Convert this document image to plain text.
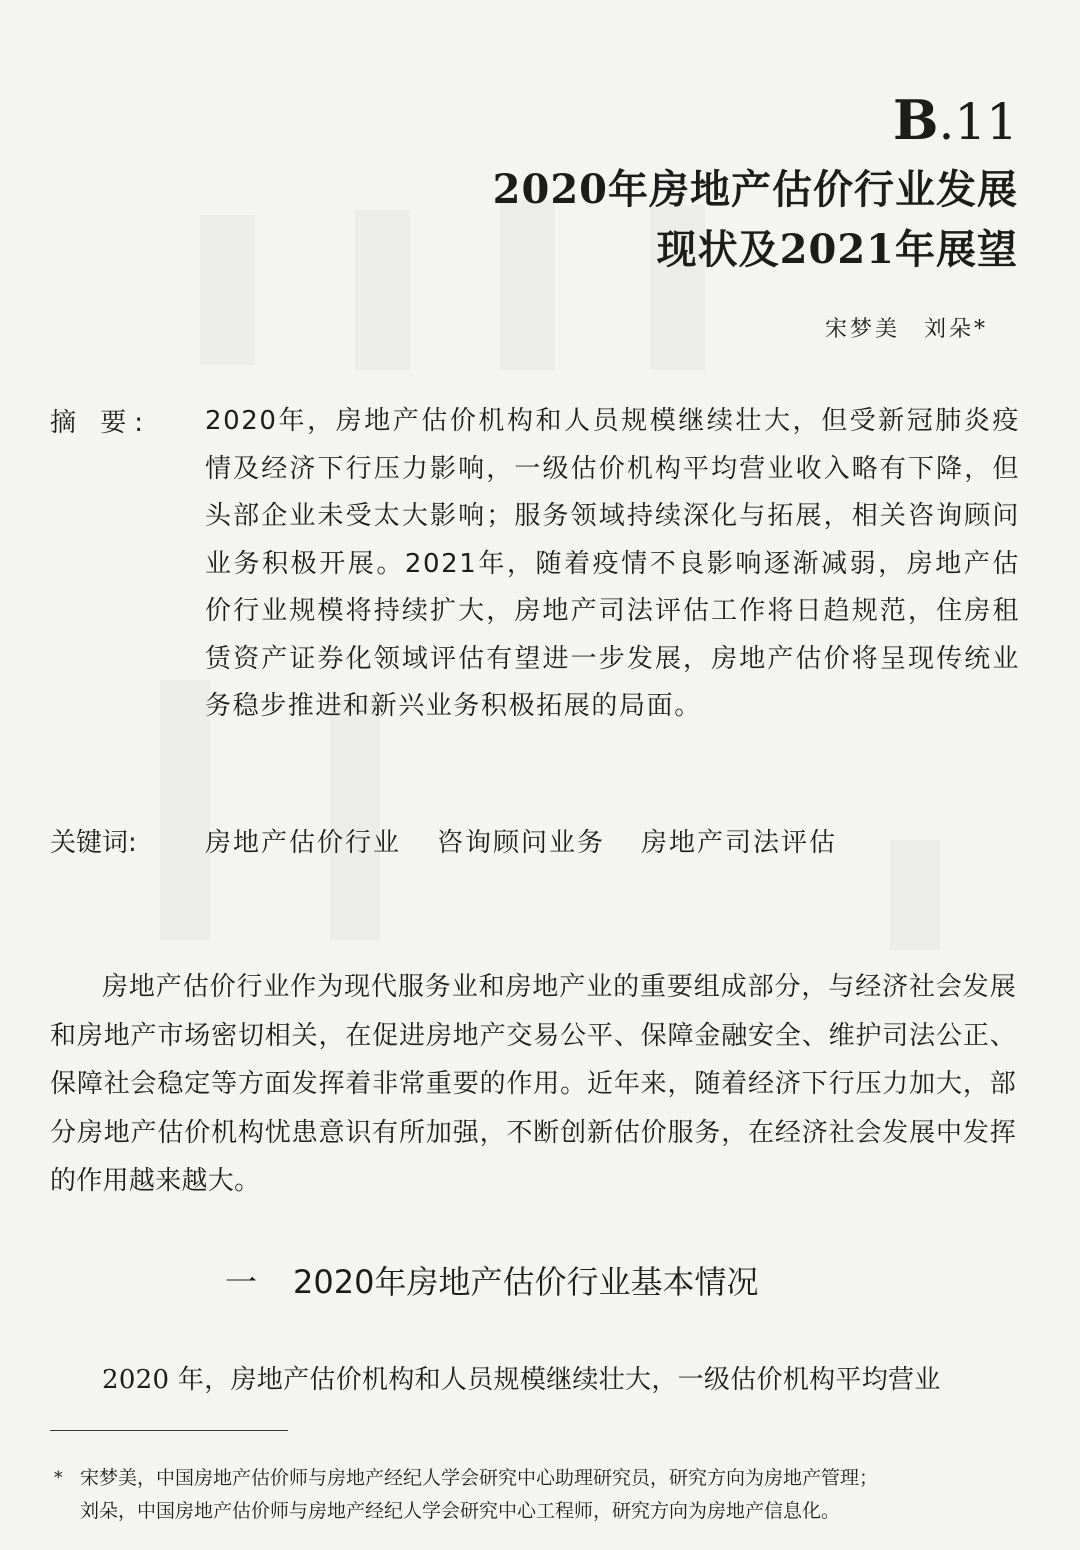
B.11
2020年房地产估价行业发展
现状及2021年展望
宋梦美 刘朵*
摘 要: 2020年，房地产估价机构和人员规模继续壮大，但受新冠肺炎疫情及经济下行压力影响，一级估价机构平均营业收入略有下降，但头部企业未受太大影响；服务领域持续深化与拓展，相关咨询顾问业务积极开展。2021年，随着疫情不良影响逐渐减弱，房地产估价行业规模将持续扩大，房地产司法评估工作将日趋规范，住房租赁资产证券化领域评估有望进一步发展，房地产估价将呈现传统业务稳步推进和新兴业务积极拓展的局面。
关键词:	房地产估价行业 咨询顾问业务 房地产司法评估
房地产估价行业作为现代服务业和房地产业的重要组成部分，与经济社会发展和房地产市场密切相关，在促进房地产交易公平、保障金融安全、维护司法公正、保障社会稳定等方面发挥着非常重要的作用。近年来，随着经济下行压力加大，部分房地产估价机构忧患意识有所加强，不断创新估价服务，在经济社会发展中发挥的作用越来越大。
一 2020年房地产估价行业基本情况
2020 年，房地产估价机构和人员规模继续壮大，一级估价机构平均营业
* 宋梦美，中国房地产估价师与房地产经纪人学会研究中心助理研究员，研究方向为房地产管理；
刘朵，中国房地产估价师与房地产经纪人学会研究中心工程师，研究方向为房地产信息化。
